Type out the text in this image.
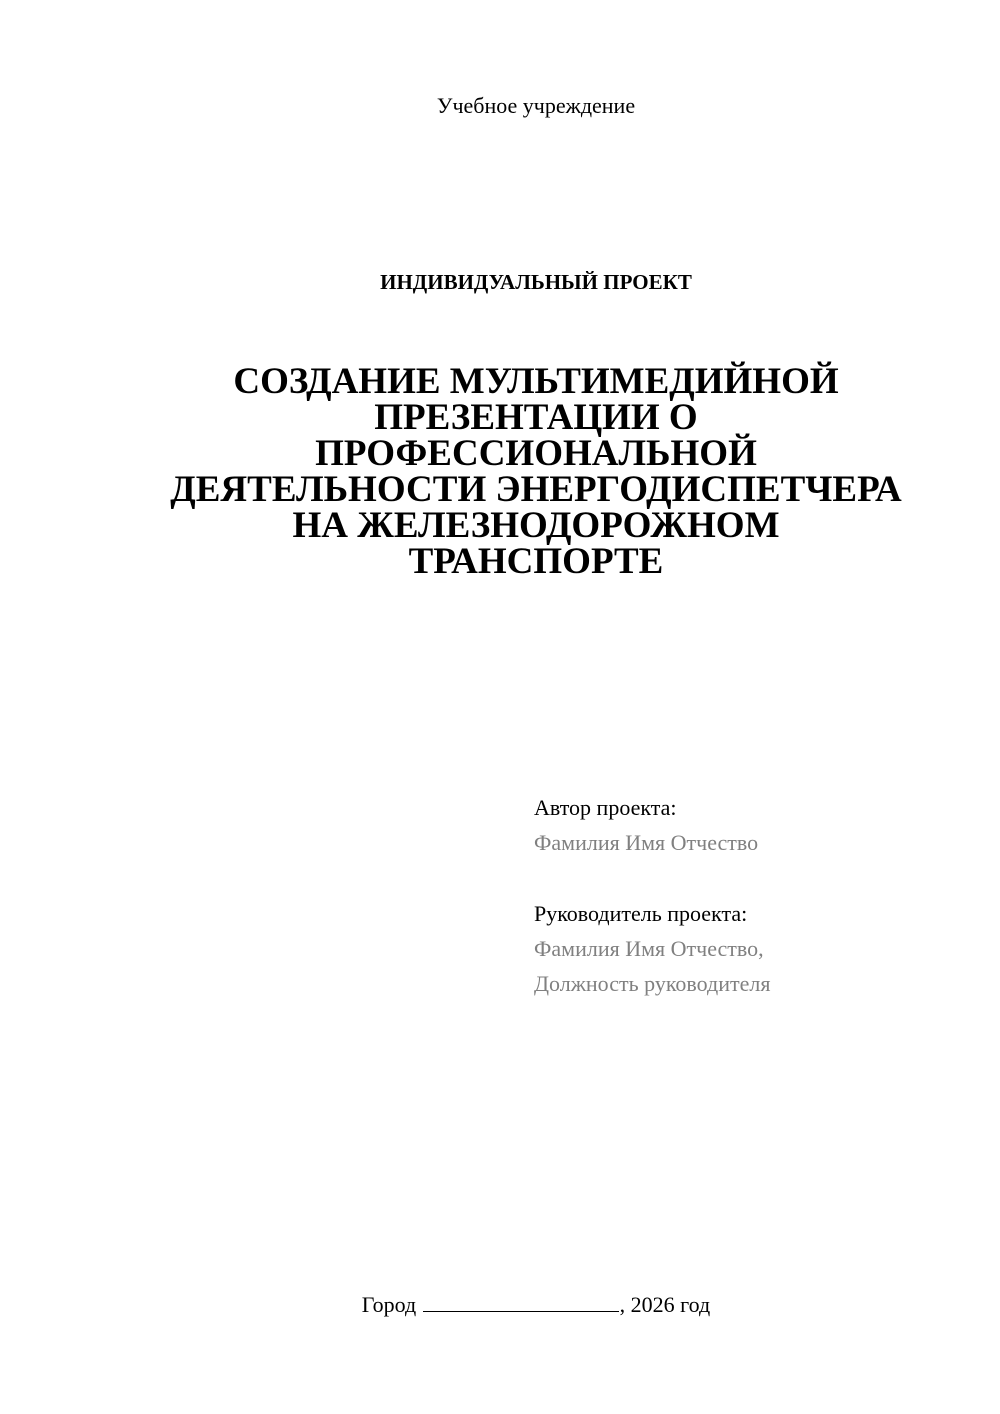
Учебное учреждение
ИНДИВИДУАЛЬНЫЙ ПРОЕКТ
СОЗДАНИЕ МУЛЬТИМЕДИЙНОЙ
ПРЕЗЕНТАЦИИ О
ПРОФЕССИОНАЛЬНОЙ
ДЕЯТЕЛЬНОСТИ ЭНЕРГОДИСПЕТЧЕРА
НА ЖЕЛЕЗНОДОРОЖНОМ
ТРАНСПОРТЕ
Автор проекта:
Фамилия Имя Отчество
Руководитель проекта:
Фамилия Имя Отчество,
Должность руководителя
Город	, 2026 год
